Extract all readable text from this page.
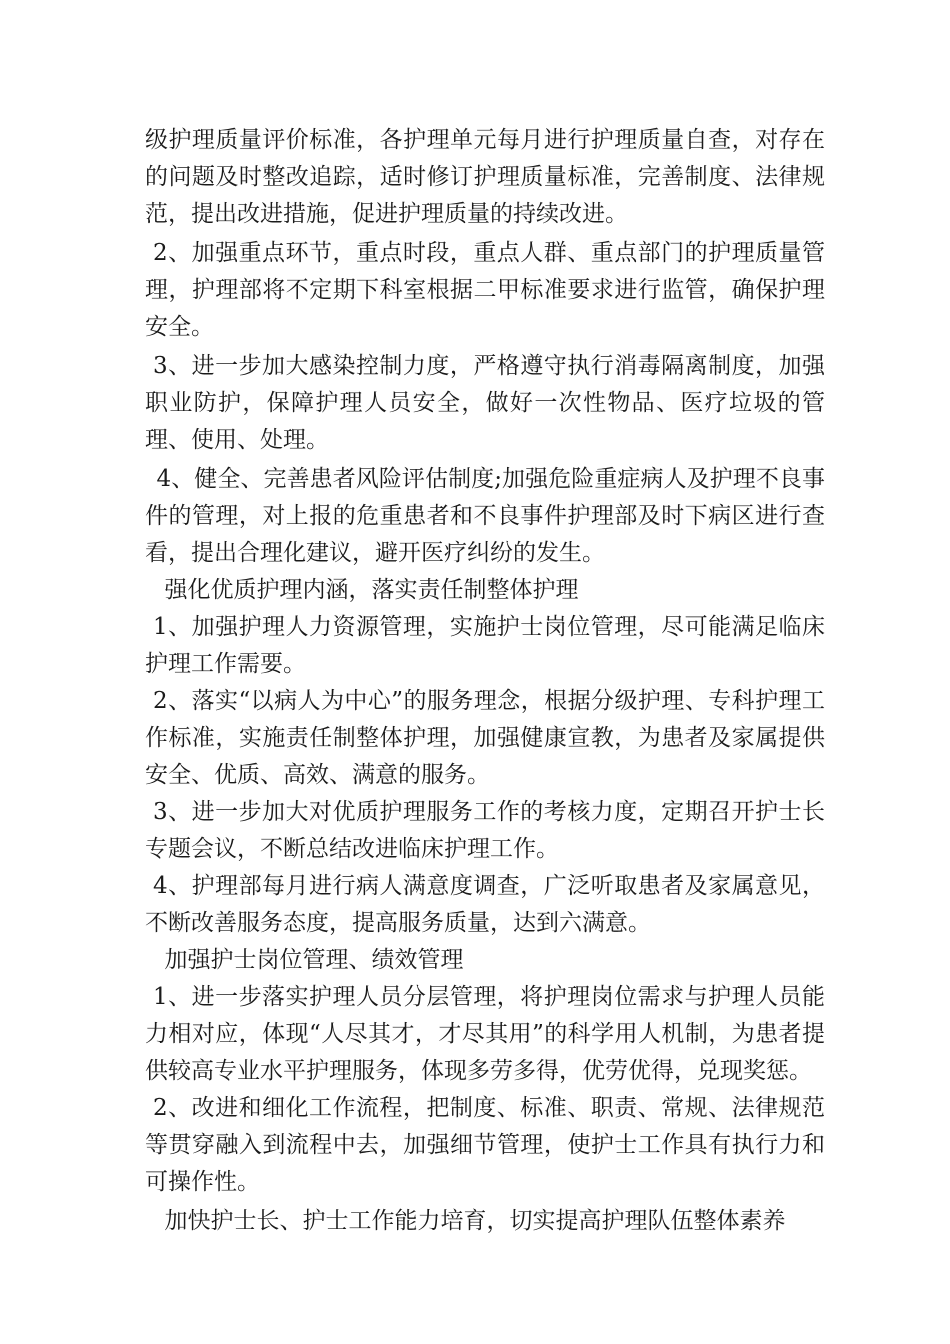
级护理质量评价标准，各护理单元每月进行护理质量自查，对存在的问题及时整改追踪，适时修订护理质量标准，完善制度、法律规范，提出改进措施，促进护理质量的持续改进。

2、加强重点环节，重点时段，重点人群、重点部门的护理质量管理，护理部将不定期下科室根据二甲标准要求进行监管，确保护理安全。

3、进一步加大感染控制力度，严格遵守执行消毒隔离制度，加强职业防护，保障护理人员安全，做好一次性物品、医疗垃圾的管理、使用、处理。

4、健全、完善患者风险评估制度;加强危险重症病人及护理不良事件的管理，对上报的危重患者和不良事件护理部及时下病区进行查看，提出合理化建议，避开医疗纠纷的发生。

强化优质护理内涵，落实责任制整体护理

1、加强护理人力资源管理，实施护士岗位管理，尽可能满足临床护理工作需要。

2、落实“以病人为中心”的服务理念，根据分级护理、专科护理工作标准，实施责任制整体护理，加强健康宣教，为患者及家属提供安全、优质、高效、满意的服务。

3、进一步加大对优质护理服务工作的考核力度，定期召开护士长专题会议，不断总结改进临床护理工作。

4、护理部每月进行病人满意度调查，广泛听取患者及家属意见，不断改善服务态度，提高服务质量，达到六满意。

加强护士岗位管理、绩效管理

1、进一步落实护理人员分层管理，将护理岗位需求与护理人员能力相对应，体现“人尽其才，才尽其用”的科学用人机制，为患者提供较高专业水平护理服务，体现多劳多得，优劳优得，兑现奖惩。

2、改进和细化工作流程，把制度、标准、职责、常规、法律规范等贯穿融入到流程中去，加强细节管理，使护士工作具有执行力和可操作性。

加快护士长、护士工作能力培育，切实提高护理队伍整体素养
